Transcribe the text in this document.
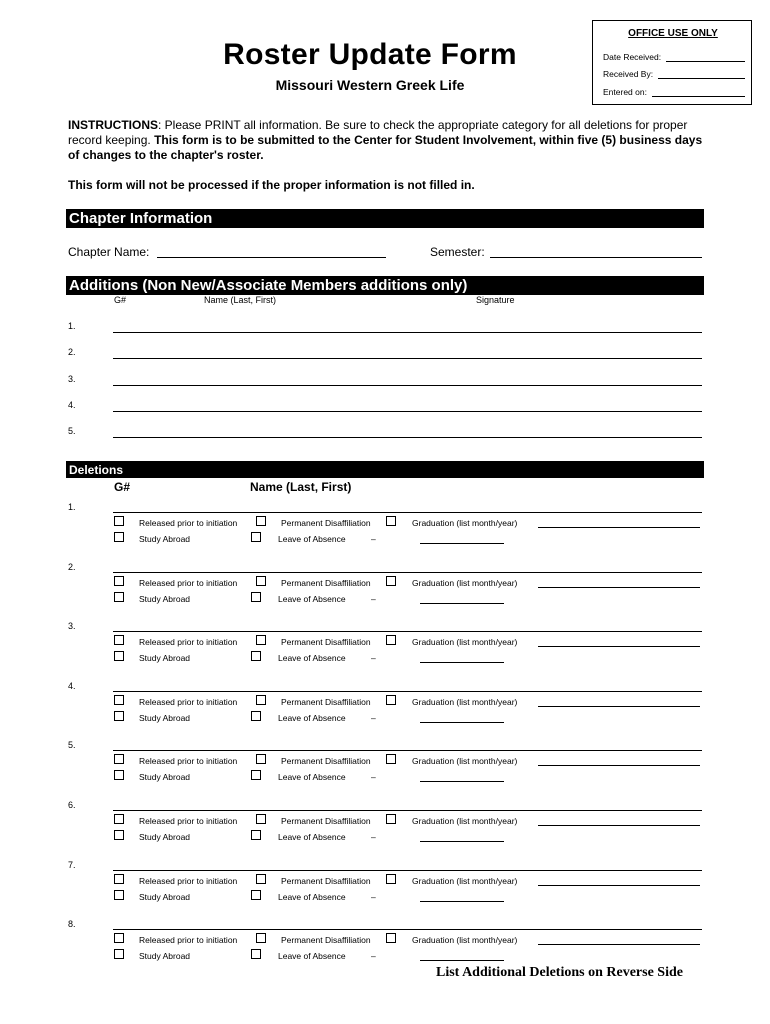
OFFICE USE ONLY
Date Received:
Received By:
Entered on:
Roster Update Form
Missouri Western Greek Life
INSTRUCTIONS: Please PRINT all information. Be sure to check the appropriate category for all deletions for proper record keeping. This form is to be submitted to the Center for Student Involvement, within five (5) business days of changes to the chapter's roster.
This form will not be processed if the proper information is not filled in.
Chapter Information
Chapter Name:	Semester:
Additions (Non New/Associate Members additions only)
G#	Name (Last, First)	Signature
1.
2.
3.
4.
5.
Deletions
G#	Name (Last, First)
1.
Released prior to initiation	Permanent Disaffiliation	Graduation (list month/year)
Study Abroad	Leave of Absence	–
2.
Released prior to initiation	Permanent Disaffiliation	Graduation (list month/year)
Study Abroad	Leave of Absence	–
3.
Released prior to initiation	Permanent Disaffiliation	Graduation (list month/year)
Study Abroad	Leave of Absence	–
4.
Released prior to initiation	Permanent Disaffiliation	Graduation (list month/year)
Study Abroad	Leave of Absence	–
5.
Released prior to initiation	Permanent Disaffiliation	Graduation (list month/year)
Study Abroad	Leave of Absence	–
6.
Released prior to initiation	Permanent Disaffiliation	Graduation (list month/year)
Study Abroad	Leave of Absence	–
7.
Released prior to initiation	Permanent Disaffiliation	Graduation (list month/year)
Study Abroad	Leave of Absence	–
8.
Released prior to initiation	Permanent Disaffiliation	Graduation (list month/year)
Study Abroad	Leave of Absence	–
List Additional Deletions on Reverse Side
